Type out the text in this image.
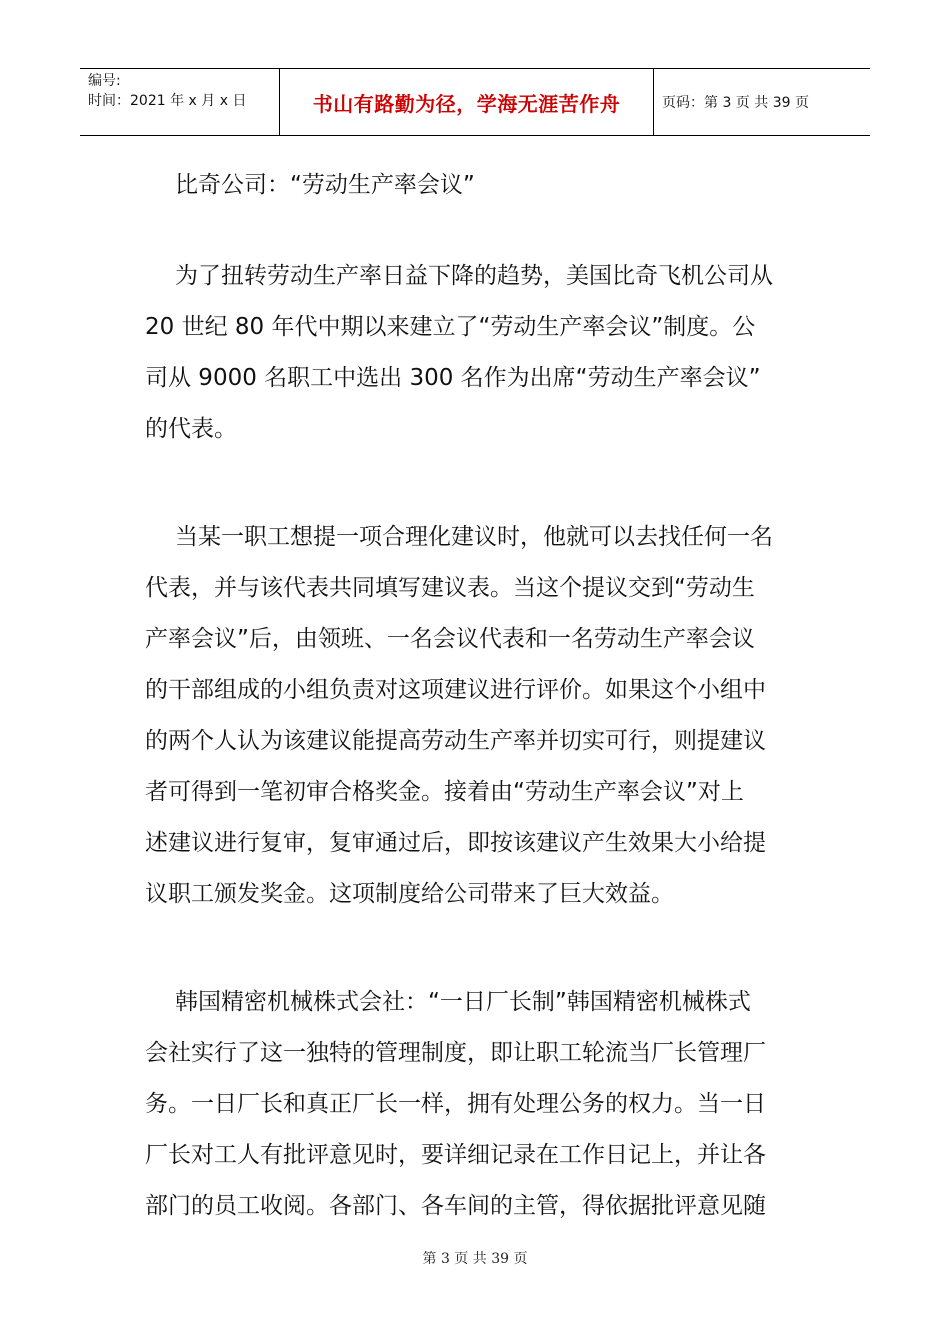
编号:
时间：2021 年 x 月 x 日	书山有路勤为径，学海无涯苦作舟	页码：第 3 页 共 39 页

比奇公司：“劳动生产率会议”

为了扭转劳动生产率日益下降的趋势，美国比奇飞机公司从

20 世纪 80 年代中期以来建立了“劳动生产率会议”制度。公

司从 9000 名职工中选出 300 名作为出席“劳动生产率会议”

的代表。

当某一职工想提一项合理化建议时，他就可以去找任何一名

代表，并与该代表共同填写建议表。当这个提议交到“劳动生

产率会议”后，由领班、一名会议代表和一名劳动生产率会议

的干部组成的小组负责对这项建议进行评价。如果这个小组中

的两个人认为该建议能提高劳动生产率并切实可行，则提建议

者可得到一笔初审合格奖金。接着由“劳动生产率会议”对上

述建议进行复审，复审通过后，即按该建议产生效果大小给提

议职工颁发奖金。这项制度给公司带来了巨大效益。

韩国精密机械株式会社：“一日厂长制”韩国精密机械株式

会社实行了这一独特的管理制度，即让职工轮流当厂长管理厂

务。一日厂长和真正厂长一样，拥有处理公务的权力。当一日

厂长对工人有批评意见时，要详细记录在工作日记上，并让各

部门的员工收阅。各部门、各车间的主管，得依据批评意见随

第 3 页 共 39 页
